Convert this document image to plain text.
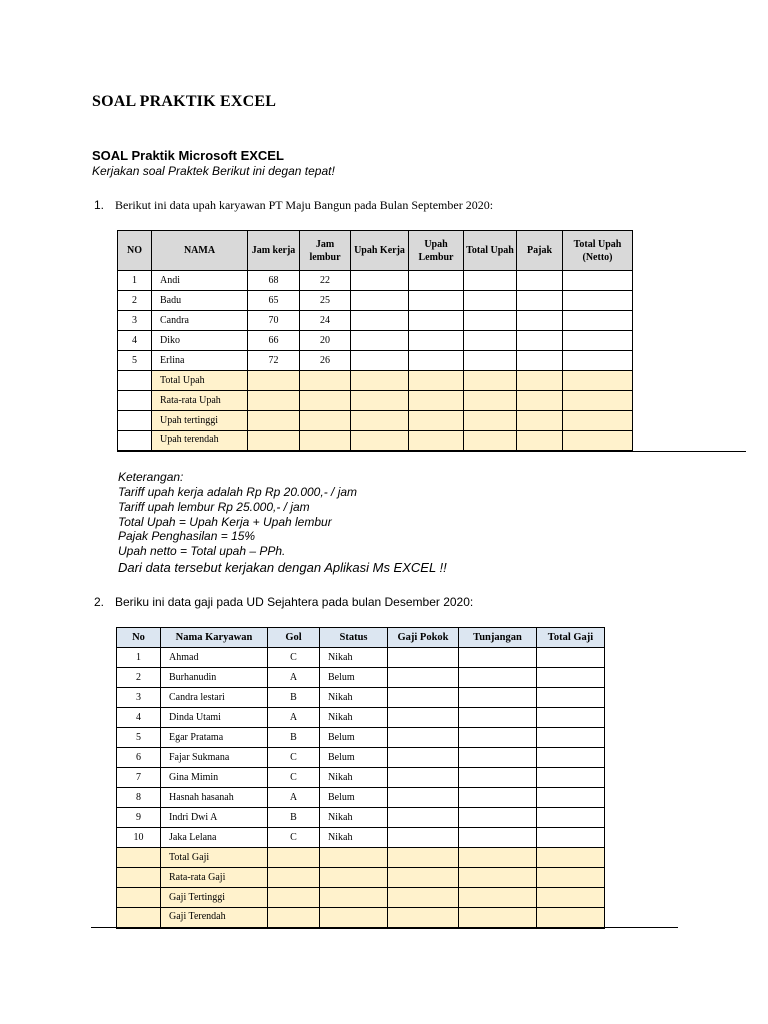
SOAL PRAKTIK EXCEL
SOAL Praktik Microsoft EXCEL
Kerjakan soal Praktek Berikut ini degan tepat!
1. Berikut ini data upah karyawan PT Maju Bangun pada Bulan September 2020:
NO	NAMA	Jam kerja	Jam lembur	Upah Kerja	Upah Lembur	Total Upah	Pajak	Total Upah (Netto)
1	Andi	68	22					
2	Badu	65	25					
3	Candra	70	24					
4	Diko	66	20					
5	Erlina	72	26					
	Total Upah							
	Rata-rata Upah							
	Upah tertinggi							
	Upah terendah							
Keterangan:
Tariff upah kerja adalah Rp Rp 20.000,- / jam
Tariff upah lembur Rp 25.000,- / jam
Total Upah = Upah Kerja + Upah lembur
Pajak Penghasilan = 15%
Upah netto = Total upah – PPh.
Dari data tersebut kerjakan dengan Aplikasi Ms EXCEL !!
2. Beriku ini data gaji pada UD Sejahtera pada bulan Desember 2020:
No	Nama Karyawan	Gol	Status	Gaji Pokok	Tunjangan	Total Gaji
1	Ahmad	C	Nikah			
2	Burhanudin	A	Belum			
3	Candra lestari	B	Nikah			
4	Dinda Utami	A	Nikah			
5	Egar Pratama	B	Belum			
6	Fajar Sukmana	C	Belum			
7	Gina Mimin	C	Nikah			
8	Hasnah hasanah	A	Belum			
9	Indri Dwi A	B	Nikah			
10	Jaka Lelana	C	Nikah			
	Total Gaji					
	Rata-rata Gaji					
	Gaji Tertinggi					
	Gaji Terendah					
